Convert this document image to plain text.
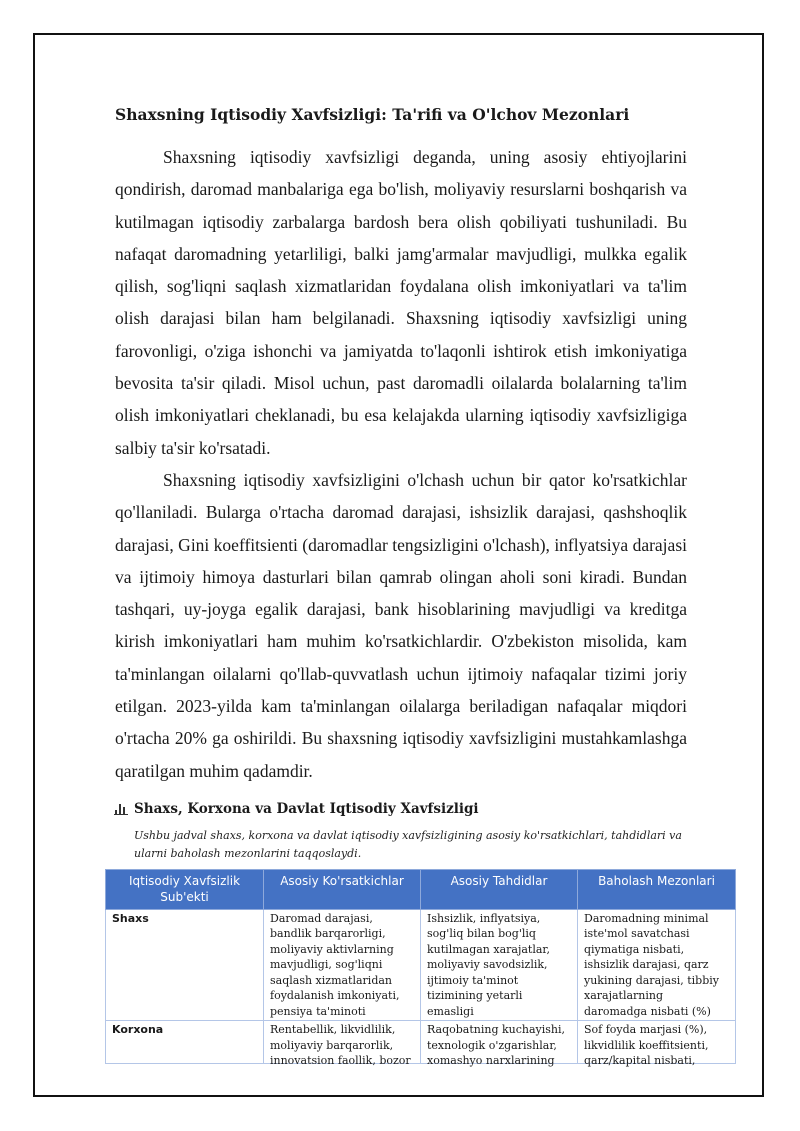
Shaxsning Iqtisodiy Xavfsizligi: Ta'rifi va O'lchov Mezonlari

Shaxsning iqtisodiy xavfsizligi deganda, uning asosiy ehtiyojlarini qondirish, daromad manbalariga ega bo'lish, moliyaviy resurslarni boshqarish va kutilmagan iqtisodiy zarbalarga bardosh bera olish qobiliyati tushuniladi. Bu nafaqat daromadning yetarliligi, balki jamg'armalar mavjudligi, mulkka egalik qilish, sog'liqni saqlash xizmatlaridan foydalana olish imkoniyatlari va ta'lim olish darajasi bilan ham belgilanadi. Shaxsning iqtisodiy xavfsizligi uning farovonligi, o'ziga ishonchi va jamiyatda to'laqonli ishtirok etish imkoniyatiga bevosita ta'sir qiladi. Misol uchun, past daromadli oilalarda bolalarning ta'lim olish imkoniyatlari cheklanadi, bu esa kelajakda ularning iqtisodiy xavfsizligiga salbiy ta'sir ko'rsatadi.

Shaxsning iqtisodiy xavfsizligini o'lchash uchun bir qator ko'rsatkichlar qo'llaniladi. Bularga o'rtacha daromad darajasi, ishsizlik darajasi, qashshoqlik darajasi, Gini koeffitsienti (daromadlar tengsizligini o'lchash), inflyatsiya darajasi va ijtimoiy himoya dasturlari bilan qamrab olingan aholi soni kiradi. Bundan tashqari, uy-joyga egalik darajasi, bank hisoblarining mavjudligi va kreditga kirish imkoniyatlari ham muhim ko'rsatkichlardir. O'zbekiston misolida, kam ta'minlangan oilalarni qo'llab-quvvatlash uchun ijtimoiy nafaqalar tizimi joriy etilgan. 2023-yilda kam ta'minlangan oilalarga beriladigan nafaqalar miqdori o'rtacha 20% ga oshirildi. Bu shaxsning iqtisodiy xavfsizligini mustahkamlashga qaratilgan muhim qadamdir.

Shaxs, Korxona va Davlat Iqtisodiy Xavfsizligi
Ushbu jadval shaxs, korxona va davlat iqtisodiy xavfsizligining asosiy ko'rsatkichlari, tahdidlari va ularni baholash mezonlarini taqqoslaydi.
Iqtisodiy Xavfsizlik Sub'ekti	Asosiy Ko'rsatkichlar	Asosiy Tahdidlar	Baholash Mezonlari
Shaxs	Daromad darajasi, bandlik barqarorligi, moliyaviy aktivlarning mavjudligi, sog'liqni saqlash xizmatlaridan foydalanish imkoniyati, pensiya ta'minoti	Ishsizlik, inflyatsiya, sog'liq bilan bog'liq kutilmagan xarajatlar, moliyaviy savodsizlik, ijtimoiy ta'minot tizimining yetarli emasligi	Daromadning minimal iste'mol savatchasi qiymatiga nisbati, ishsizlik darajasi, qarz yukining darajasi, tibbiy xarajatlarning daromadga nisbati (%)

Korxona	Rentabellik, likvidlilik, moliyaviy barqarorlik, innovatsion faollik, bozor	Raqobatning kuchayishi, texnologik o'zgarishlar, xomashyo narxlarining	Sof foyda marjasi (%), likvidlilik koeffitsienti, qarz/kapital nisbati,
